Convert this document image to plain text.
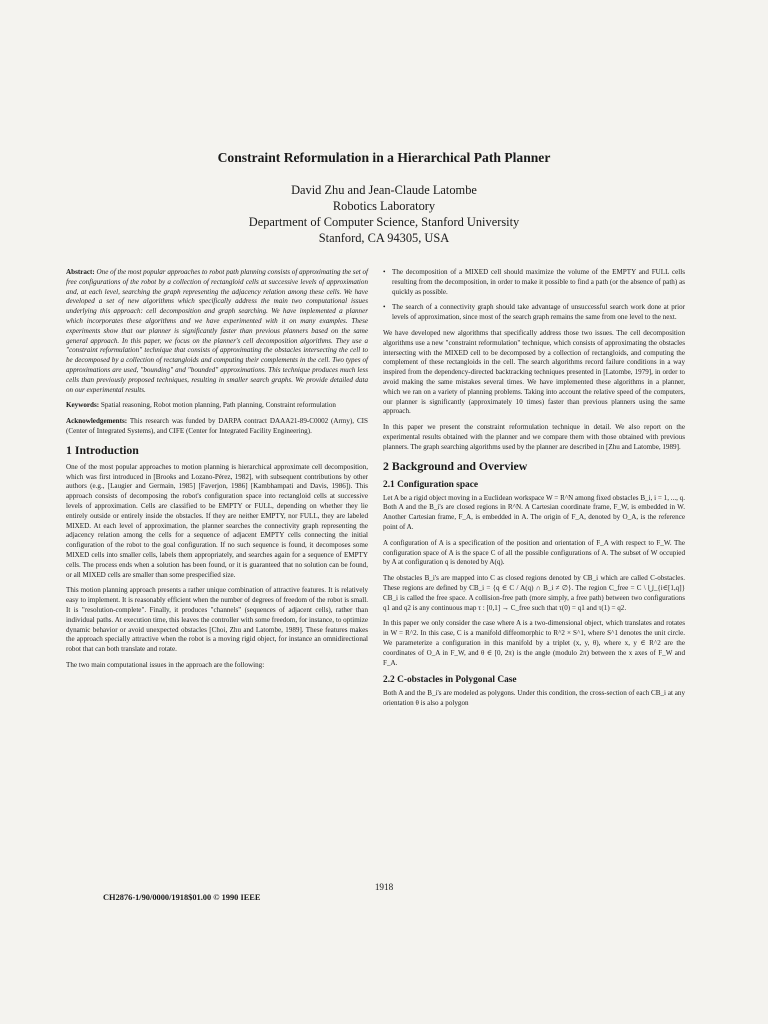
Constraint Reformulation in a Hierarchical Path Planner
David Zhu and Jean-Claude Latombe
Robotics Laboratory
Department of Computer Science, Stanford University
Stanford, CA 94305, USA

Abstract: One of the most popular approaches to robot path planning consists of approximating the set of free configurations of the robot by a collection of rectangloid cells at successive levels of approximation and, at each level, searching the graph representing the adjacency relation among these cells. We have developed a set of new algorithms which specifically address the main two computational issues underlying this approach: cell decomposition and graph searching. We have implemented a planner which incorporates these algorithms and we have experimented with it on many examples. These experiments show that our planner is significantly faster than previous planners based on the same general approach. In this paper, we focus on the planner's cell decomposition algorithms. They use a "constraint reformulation" technique that consists of approximating the obstacles intersecting the cell to be decomposed by a collection of rectangloids and computing their complements in the cell. Two types of approximations are used, "bounding" and "bounded" approximations. This technique produces much less cells than previously proposed techniques, resulting in smaller search graphs. We provide detailed data on our experimental results.

Keywords: Spatial reasoning, Robot motion planning, Path planning, Constraint reformulation

Acknowledgements: This research was funded by DARPA contract DAAA21-89-C0002 (Army), CIS (Center of Integrated Systems), and CIFE (Center for Integrated Facility Engineering).

1 Introduction

One of the most popular approaches to motion planning is hierarchical approximate cell decomposition, which was first introduced in [Brooks and Lozano-Pérez, 1982], with subsequent contributions by other authors (e.g., [Laugier and Germain, 1985] [Faverjon, 1986] [Kambhampati and Davis, 1986]). This approach consists of decomposing the robot's configuration space into rectangloid cells at successive levels of approximation. Cells are classified to be EMPTY or FULL, depending on whether they lie entirely outside or entirely inside the obstacles. If they are neither EMPTY, nor FULL, they are labeled MIXED. At each level of approximation, the planner searches the connectivity graph representing the adjacency relation among the cells for a sequence of adjacent EMPTY cells connecting the initial configuration of the robot to the goal configuration. If no such sequence is found, it decomposes some MIXED cells into smaller cells, labels them appropriately, and searches again for a sequence of EMPTY cells. The process ends when a solution has been found, or it is guaranteed that no solution can be found, or all MIXED cells are smaller than some prespecified size.

This motion planning approach presents a rather unique combination of attractive features. It is relatively easy to implement. It is reasonably efficient when the number of degrees of freedom of the robot is small. It is "resolution-complete". Finally, it produces "channels" (sequences of adjacent cells), rather than individual paths. At execution time, this leaves the controller with some freedom, for instance, to optimize dynamic behavior or avoid unexpected obstacles [Choi, Zhu and Latombe, 1989]. These features makes the approach specially attractive when the robot is a moving rigid object, for instance an omnidirectional robot that can both translate and rotate.

The two main computational issues in the approach are the following:

• The decomposition of a MIXED cell should maximize the volume of the EMPTY and FULL cells resulting from the decomposition, in order to make it possible to find a path (or the absence of path) as quickly as possible.
• The search of a connectivity graph should take advantage of unsuccessful search work done at prior levels of approximation, since most of the search graph remains the same from one level to the next.

We have developed new algorithms that specifically address those two issues. The cell decomposition algorithms use a new "constraint reformulation" technique, which consists of approximating the obstacles intersecting with the MIXED cell to be decomposed by a collection of rectangloids, and computing the complement of these rectangloids in the cell. The search algorithms record failure conditions in a way inspired from the dependency-directed backtracking techniques presented in [Latombe, 1979], in order to avoid making the same mistakes several times. We have implemented these algorithms in a planner, which we ran on a variety of planning problems. Taking into account the relative speed of the computers, our planner is significantly (approximately 10 times) faster than previous planners using the same approach.

In this paper we present the constraint reformulation technique in detail. We also report on the experimental results obtained with the planner and we compare them with those obtained with previous planners. The graph searching algorithms used by the planner are described in [Zhu and Latombe, 1989].

2 Background and Overview
2.1 Configuration space

Let A be a rigid object moving in a Euclidean workspace W = R^N among fixed obstacles B_i, i = 1, ..., q. Both A and the B_i's are closed regions in R^N. A Cartesian coordinate frame, F_W, is embedded in W. Another Cartesian frame, F_A, is embedded in A. The origin of F_A, denoted by O_A, is the reference point of A.

A configuration of A is a specification of the position and orientation of F_A with respect to F_W. The configuration space of A is the space C of all the possible configurations of A. The subset of W occupied by A at configuration q is denoted by A(q).

The obstacles B_i's are mapped into C as closed regions denoted by CB_i which are called C-obstacles. These regions are defined by CB_i = {q ∈ C / A(q) ∩ B_i ≠ ∅}. The region C_free = C \ ⋃_{i∈[1,q]} CB_i is called the free space. A collision-free path (more simply, a free path) between two configurations q1 and q2 is any continuous map τ : [0,1] → C_free such that τ(0) = q1 and τ(1) = q2.

In this paper we only consider the case where A is a two-dimensional object, which translates and rotates in W = R^2. In this case, C is a manifold diffeomorphic to R^2 × S^1, where S^1 denotes the unit circle. We parameterize a configuration in this manifold by a triplet (x, y, θ), where x, y ∈ R^2 are the coordinates of O_A in F_W, and θ ∈ [0, 2π) is the angle (modulo 2π) between the x axes of F_W and F_A.

2.2 C-obstacles in Polygonal Case

Both A and the B_i's are modeled as polygons. Under this condition, the cross-section of each CB_i at any orientation θ is also a polygon

1918
CH2876-1/90/0000/1918$01.00 © 1990 IEEE
